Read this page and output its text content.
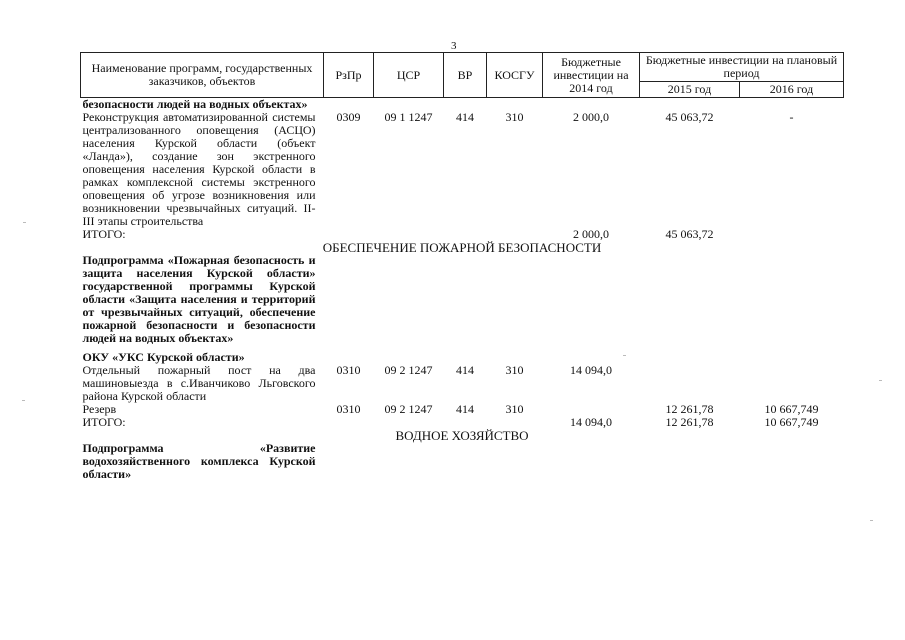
3
Наименование программ, государственных заказчиков, объектов	РзПр	ЦСР	ВР	КОСГУ	Бюджетные инвестиции на 2014 год	Бюджетные инвестиции на плановый период	
						2015 год	2016 год
безопасности людей на водных объектах»							
Реконструкция автоматизированной системы централизованного оповещения (АСЦО) населения Курской области (объект «Ланда»), создание зон экстренного оповещения населения Курской области в рамках комплексной системы экстренного оповещения об угрозе возникновения или возникновении чрезвычайных ситуаций. II-III этапы строительства	0309	09 1 1247	414	310	2 000,0	45 063,72	-
ИТОГО:					2 000,0	45 063,72	
ОБЕСПЕЧЕНИЕ ПОЖАРНОЙ БЕЗОПАСНОСТИ							
Подпрограмма «Пожарная безопасность и защита населения Курской области» государственной программы Курской области «Защита населения и территорий от чрезвычайных ситуаций, обеспечение пожарной безопасности и безопасности людей на водных объектах»							

ОКУ «УКС Курской области»							
Отдельный пожарный пост на два машиновыезда в с.Иванчиково Льговского района Курской области	0310	09 2 1247	414	310	14 094,0		
Резерв	0310	09 2 1247	414	310		12 261,78	10 667,749
ИТОГО:					14 094,0	12 261,78	10 667,749
ВОДНОЕ ХОЗЯЙСТВО							
Подпрограмма «Развитие водохозяйственного комплекса Курской области»							
